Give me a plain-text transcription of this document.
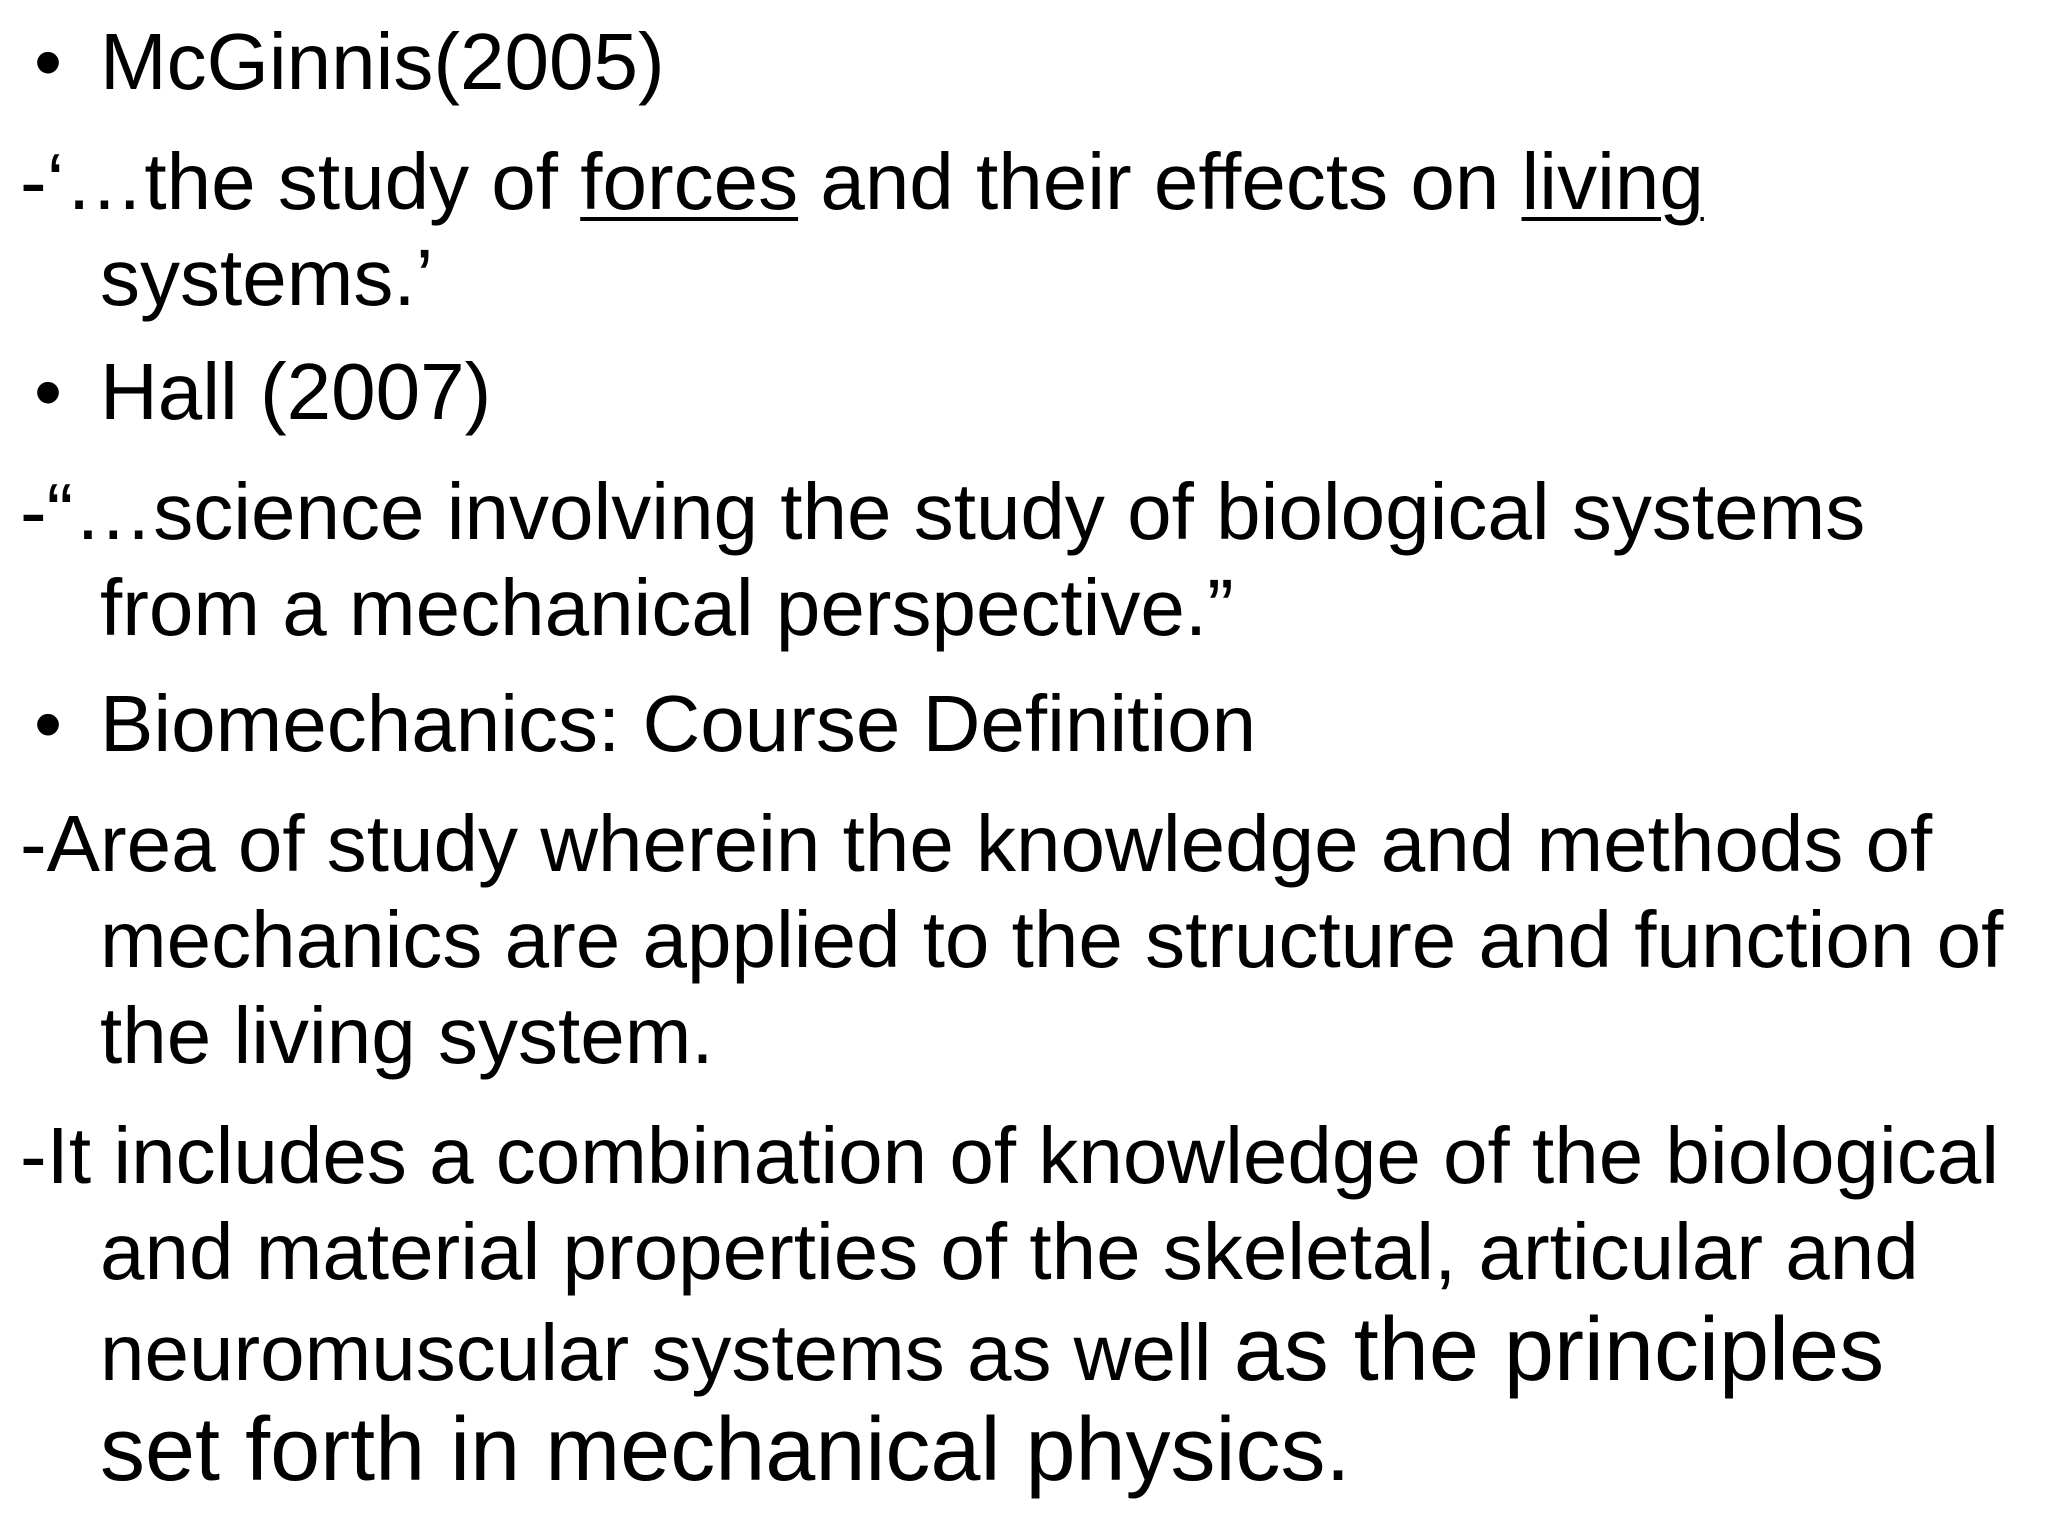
• McGinnis(2005)
-‘…the study of forces and their effects on living
systems.’
• Hall (2007)
-“…science involving the study of biological systems
from a mechanical perspective.”
• Biomechanics: Course Definition
-Area of study wherein the knowledge and methods of
mechanics are applied to the structure and function of
the living system.
-It includes a combination of knowledge of the biological
and material properties of the skeletal, articular and
neuromuscular systems as well as the principles
set forth in mechanical physics.
